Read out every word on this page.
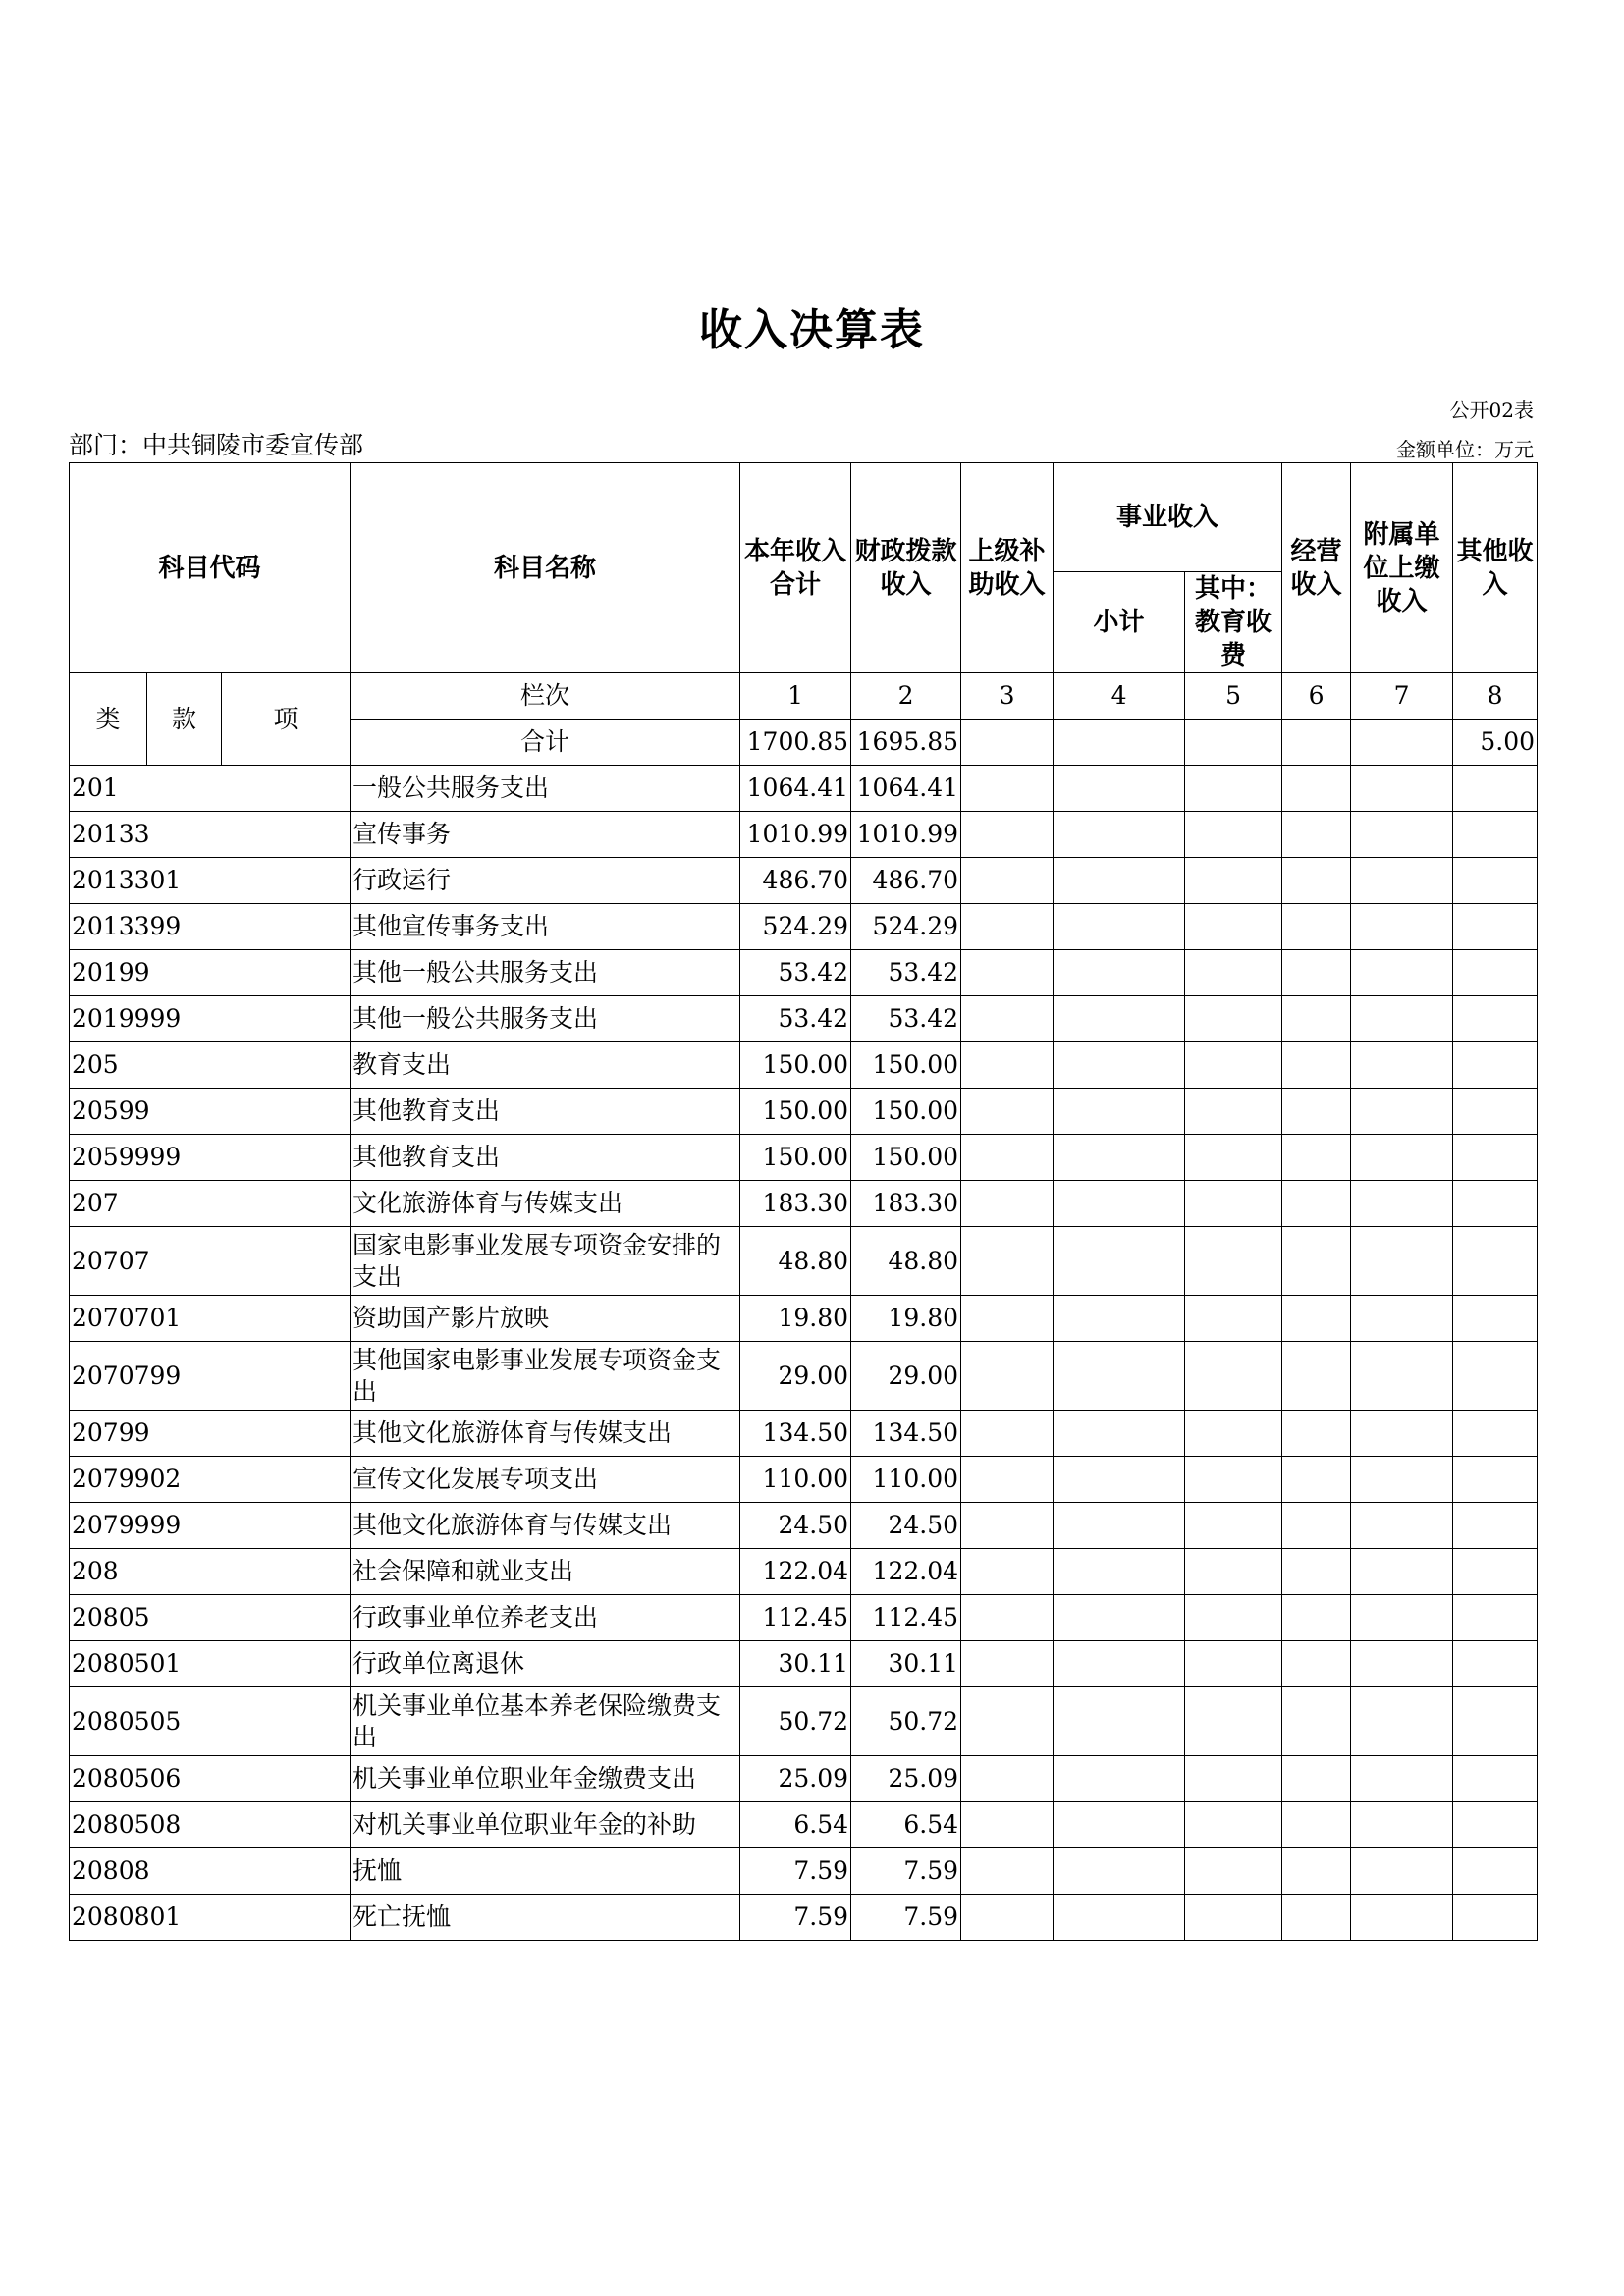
收入决算表
公开02表
部门：中共铜陵市委宣传部	金额单位：万元
科目代码			科目名称	本年收入合计	财政拨款收入	上级补助收入	事业收入		经营收入	附属单位上缴收入	其他收入
							小计	其中：教育收费			
类	款	项	栏次	1	2	3	4	5	6	7	8
			合计	1700.85	1695.85						5.00
201			一般公共服务支出	1064.41	1064.41						
20133			宣传事务	1010.99	1010.99						
2013301			行政运行	486.70	486.70						
2013399			其他宣传事务支出	524.29	524.29						
20199			其他一般公共服务支出	53.42	53.42						
2019999			其他一般公共服务支出	53.42	53.42						
205			教育支出	150.00	150.00						
20599			其他教育支出	150.00	150.00						
2059999			其他教育支出	150.00	150.00						
207			文化旅游体育与传媒支出	183.30	183.30						
20707			国家电影事业发展专项资金安排的支出	48.80	48.80						
2070701			资助国产影片放映	19.80	19.80						
2070799			其他国家电影事业发展专项资金支出	29.00	29.00						
20799			其他文化旅游体育与传媒支出	134.50	134.50						
2079902			宣传文化发展专项支出	110.00	110.00						
2079999			其他文化旅游体育与传媒支出	24.50	24.50						
208			社会保障和就业支出	122.04	122.04						
20805			行政事业单位养老支出	112.45	112.45						
2080501			行政单位离退休	30.11	30.11						
2080505			机关事业单位基本养老保险缴费支出	50.72	50.72						
2080506			机关事业单位职业年金缴费支出	25.09	25.09						
2080508			对机关事业单位职业年金的补助	6.54	6.54						
20808			抚恤	7.59	7.59						
2080801			死亡抚恤	7.59	7.59						
